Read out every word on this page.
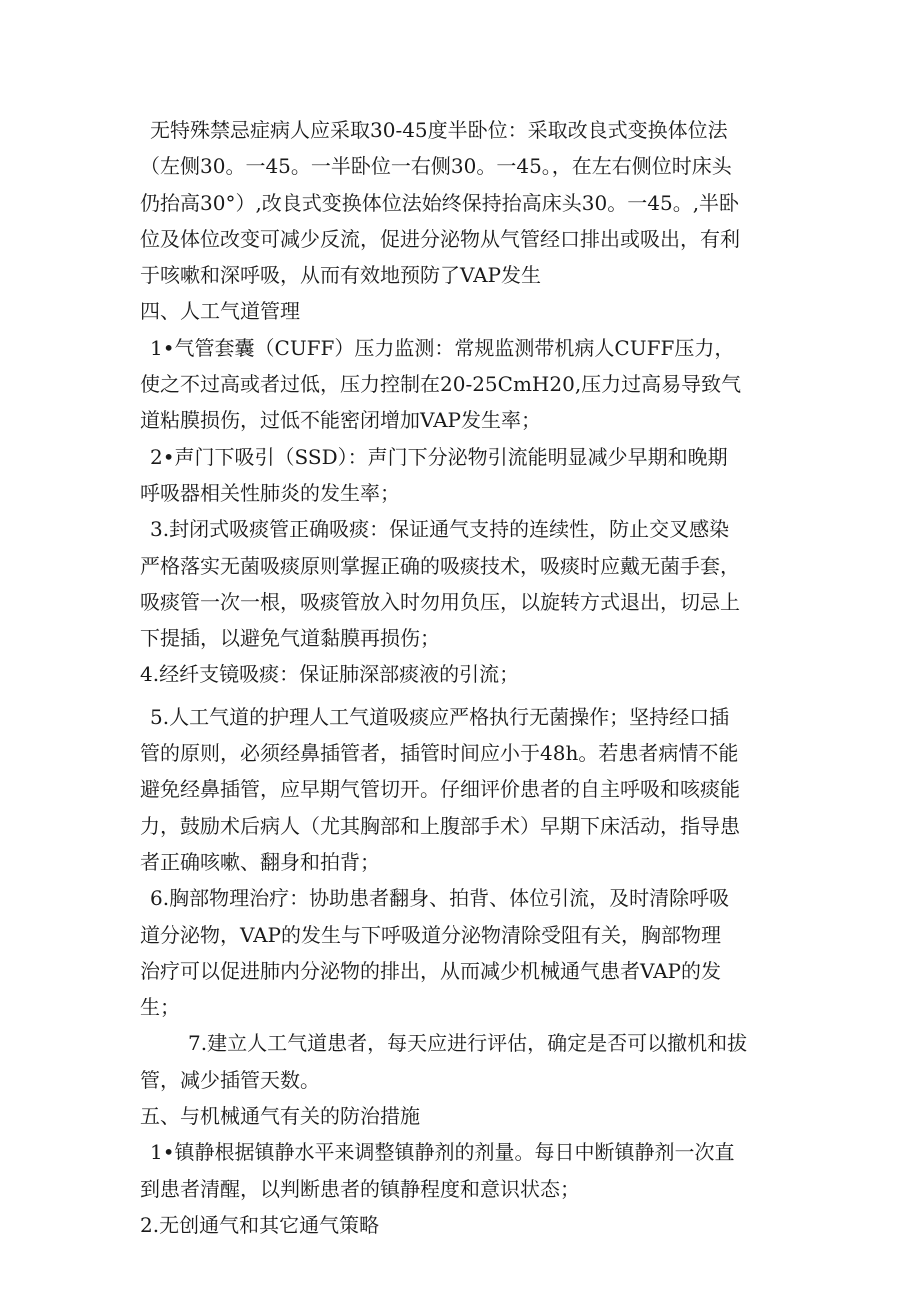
无特殊禁忌症病人应采取30-45度半卧位：采取改良式变换体位法
（左侧30。一45。一半卧位一右侧30。一45。，在左右侧位时床头
仍抬高30°）,改良式变换体位法始终保持抬高床头30。一45。,半卧
位及体位改变可减少反流，促进分泌物从气管经口排出或吸出，有利
于咳嗽和深呼吸，从而有效地预防了VAP发生
四、人工气道管理
1•气管套囊（CUFF）压力监测：常规监测带机病人CUFF压力，
使之不过高或者过低，压力控制在20-25CmH20,压力过高易导致气
道粘膜损伤，过低不能密闭增加VAP发生率；
2•声门下吸引（SSD）：声门下分泌物引流能明显减少早期和晚期
呼吸器相关性肺炎的发生率；
3.封闭式吸痰管正确吸痰：保证通气支持的连续性，防止交叉感染
严格落实无菌吸痰原则掌握正确的吸痰技术，吸痰时应戴无菌手套，
吸痰管一次一根，吸痰管放入时勿用负压，以旋转方式退出，切忌上
下提插，以避免气道黏膜再损伤；
4.经纤支镜吸痰：保证肺深部痰液的引流；
5.人工气道的护理人工气道吸痰应严格执行无菌操作；坚持经口插
管的原则，必须经鼻插管者，插管时间应小于48h。若患者病情不能
避免经鼻插管，应早期气管切开。仔细评价患者的自主呼吸和咳痰能
力，鼓励术后病人（尤其胸部和上腹部手术）早期下床活动，指导患
者正确咳嗽、翻身和拍背；
6.胸部物理治疗：协助患者翻身、拍背、体位引流，及时清除呼吸
道分泌物，VAP的发生与下呼吸道分泌物清除受阻有关，胸部物理
治疗可以促进肺内分泌物的排出，从而减少机械通气患者VAP的发
生；
7.建立人工气道患者，每天应进行评估，确定是否可以撤机和拔
管，减少插管天数。
五、与机械通气有关的防治措施
1•镇静根据镇静水平来调整镇静剂的剂量。每日中断镇静剂一次直
到患者清醒，以判断患者的镇静程度和意识状态；
2.无创通气和其它通气策略
